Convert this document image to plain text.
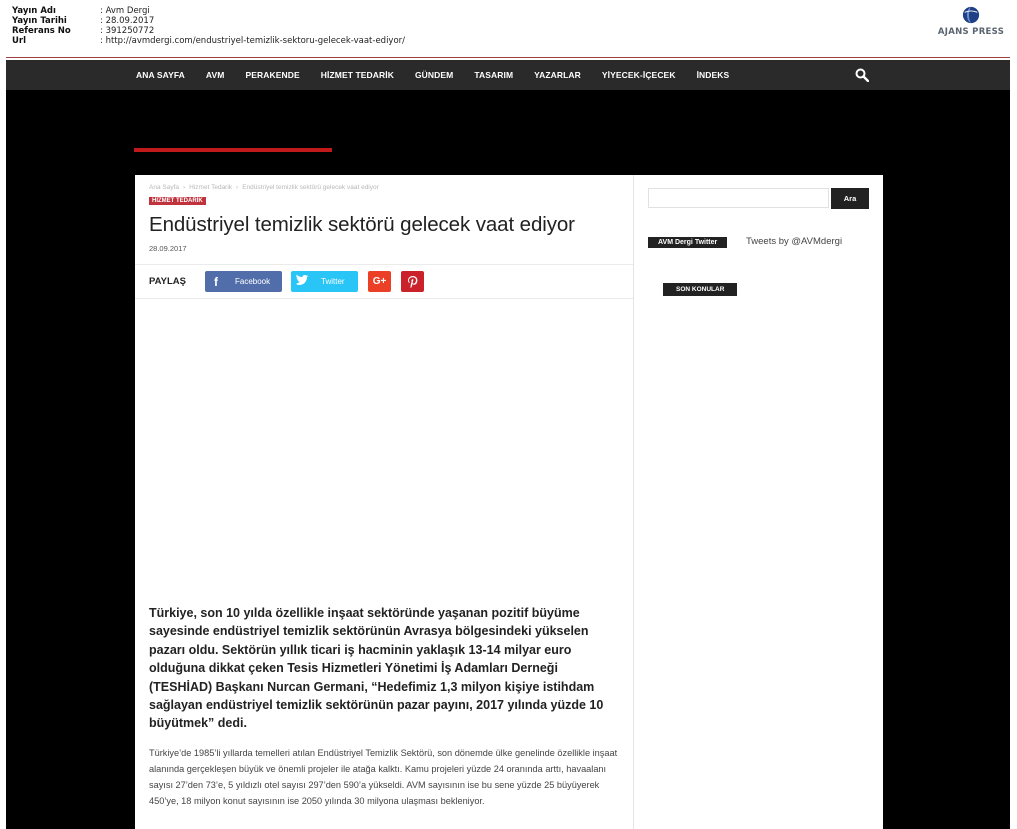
Yayın Adı	: Avm Dergi
Yayın Tarihi	: 28.09.2017
Referans No	: 391250772
Url	: http://avmdergi.com/endustriyel-temizlik-sektoru-gelecek-vaat-ediyor/
AJANS PRESS
ANA SAYFA AVM PERAKENDE HİZMET TEDARİK GÜNDEM TASARIM YAZARLAR YİYECEK-İÇECEK İNDEKS
Ana Sayfa › Hizmet Tedarik › Endüstriyel temizlik sektörü gelecek vaat ediyor
HİZMET TEDARİK
Endüstriyel temizlik sektörü gelecek vaat ediyor
28.09.2017
PAYLAŞ	f	Facebook	Twitter	G+
Türkiye, son 10 yılda özellikle inşaat sektöründe yaşanan pozitif büyüme sayesinde endüstriyel temizlik sektörünün Avrasya bölgesindeki yükselen pazarı oldu. Sektörün yıllık ticari iş hacminin yaklaşık 13-14 milyar euro olduğuna dikkat çeken Tesis Hizmetleri Yönetimi İş Adamları Derneği (TESHİAD) Başkanı Nurcan Germani, “Hedefimiz 1,3 milyon kişiye istihdam sağlayan endüstriyel temizlik sektörünün pazar payını, 2017 yılında yüzde 10 büyütmek” dedi.
Türkiye’de 1985’li yıllarda temelleri atılan Endüstriyel Temizlik Sektörü, son dönemde ülke genelinde özellikle inşaat alanında gerçekleşen büyük ve önemli projeler ile atağa kalktı. Kamu projeleri yüzde 24 oranında arttı, havaalanı sayısı 27’den 73’e, 5 yıldızlı otel sayısı 297’den 590’a yükseldi. AVM sayısının ise bu sene yüzde 25 büyüyerek 450’ye, 18 milyon konut sayısının ise 2050 yılında 30 milyona ulaşması bekleniyor.
Ara
AVM Dergi Twitter	Tweets by @AVMdergi
SON KONULAR
